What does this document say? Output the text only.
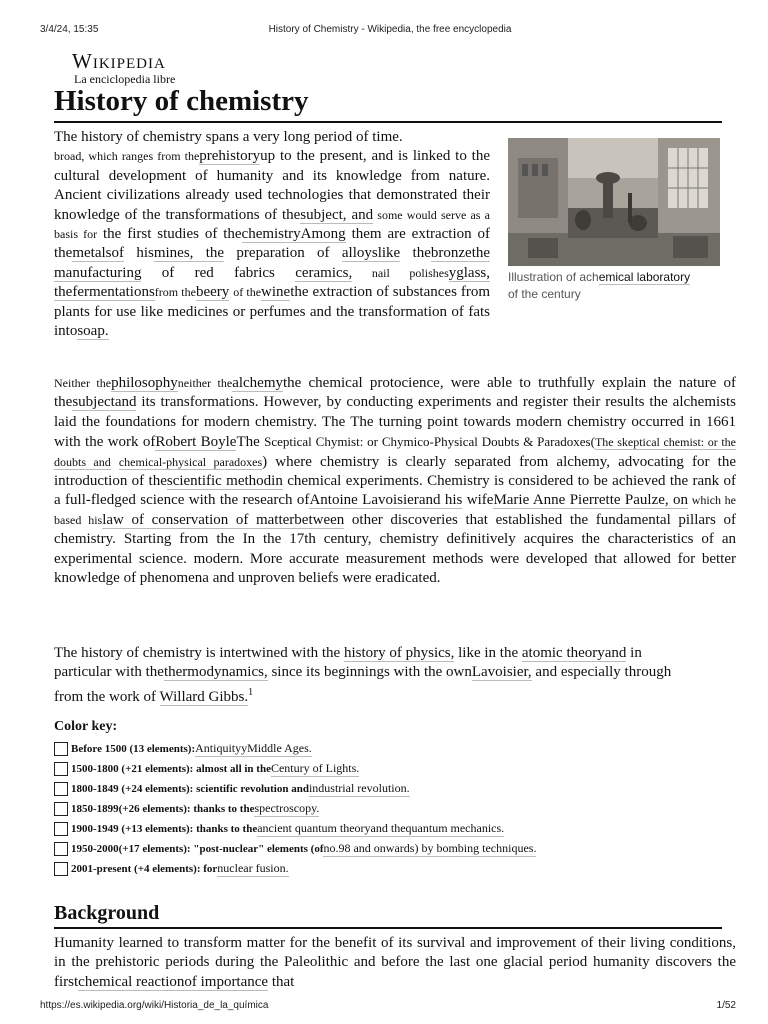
3/4/24, 15:35	History of Chemistry - Wikipedia, the free encyclopedia
Wikipedia
La enciclopedia libre
History of chemistry
Illustration of achemical laboratory
of the century

The history of chemistry spans a very long period of time.

broad, which ranges from theprehistoryup to the present, and is linked to the cultural development of humanity and its knowledge from nature. Ancient civilizations already used technologies that demonstrated their knowledge of the transformations of thesubject, and some would serve as a basis for the first studies of thechemistryAmong them are extraction of themetalsof hismines, the preparation of alloyslike thebronzethe manufacturing of red fabrics ceramics, nail polishesyglass, thefermentationsfrom thebeery of thewinethe extraction of substances from plants for use like medicines or perfumes and the transformation of fats intosoap.

Neither thephilosophyneither thealchemythe chemical protocience, were able to truthfully explain the nature of thesubjectand its transformations. However, by conducting experiments and register their results the alchemists laid the foundations for modern chemistry. The The turning point towards modern chemistry occurred in 1661 with the work ofRobert BoyleThe Sceptical Chymist: or Chymico-Physical Doubts & Paradoxes(The skeptical chemist: or the doubts and chemical-physical paradoxes) where chemistry is clearly separated from alchemy, advocating for the introduction of thescientific methodin chemical experiments. Chemistry is considered to be achieved the rank of a full-fledged science with the research ofAntoine Lavoisierand his wifeMarie Anne Pierrette Paulze, on which he based hislaw of conservation of matterbetween other discoveries that established the fundamental pillars of chemistry. Starting from the In the 17th century, chemistry definitively acquires the characteristics of an experimental science. modern. More accurate measurement methods were developed that allowed for better knowledge of phenomena and unproven beliefs were eradicated.

The history of chemistry is intertwined with the history of physics, like in the atomic theoryand in
particular with thethermodynamics, since its beginnings with the ownLavoisier, and especially through
from the work of Willard Gibbs.$^1$

Color key:
Before 1500 (13 elements): AntiquityyMiddle Ages.
1500-1800 (+21 elements): almost all in the Century of Lights.
1800-1849 (+24 elements): scientific revolution and industrial revolution.
1850-1899(+26 elements): thanks to the spectroscopy.
1900-1949 (+13 elements): thanks to the ancient quantum theoryand the quantum mechanics.
1950-2000(+17 elements): "post-nuclear" elements (of no.98 and onwards ) by bombing techniques.
2001-present (+4 elements): for nuclear fusion.
Background

Humanity learned to transform matter for the benefit of its survival and improvement of their living conditions, in the prehistoric periods during the Paleolithic and before the last one glacial period humanity discovers the firstchemical reactionof importance that

https://es.wikipedia.org/wiki/Historia_de_la_química	1/52
